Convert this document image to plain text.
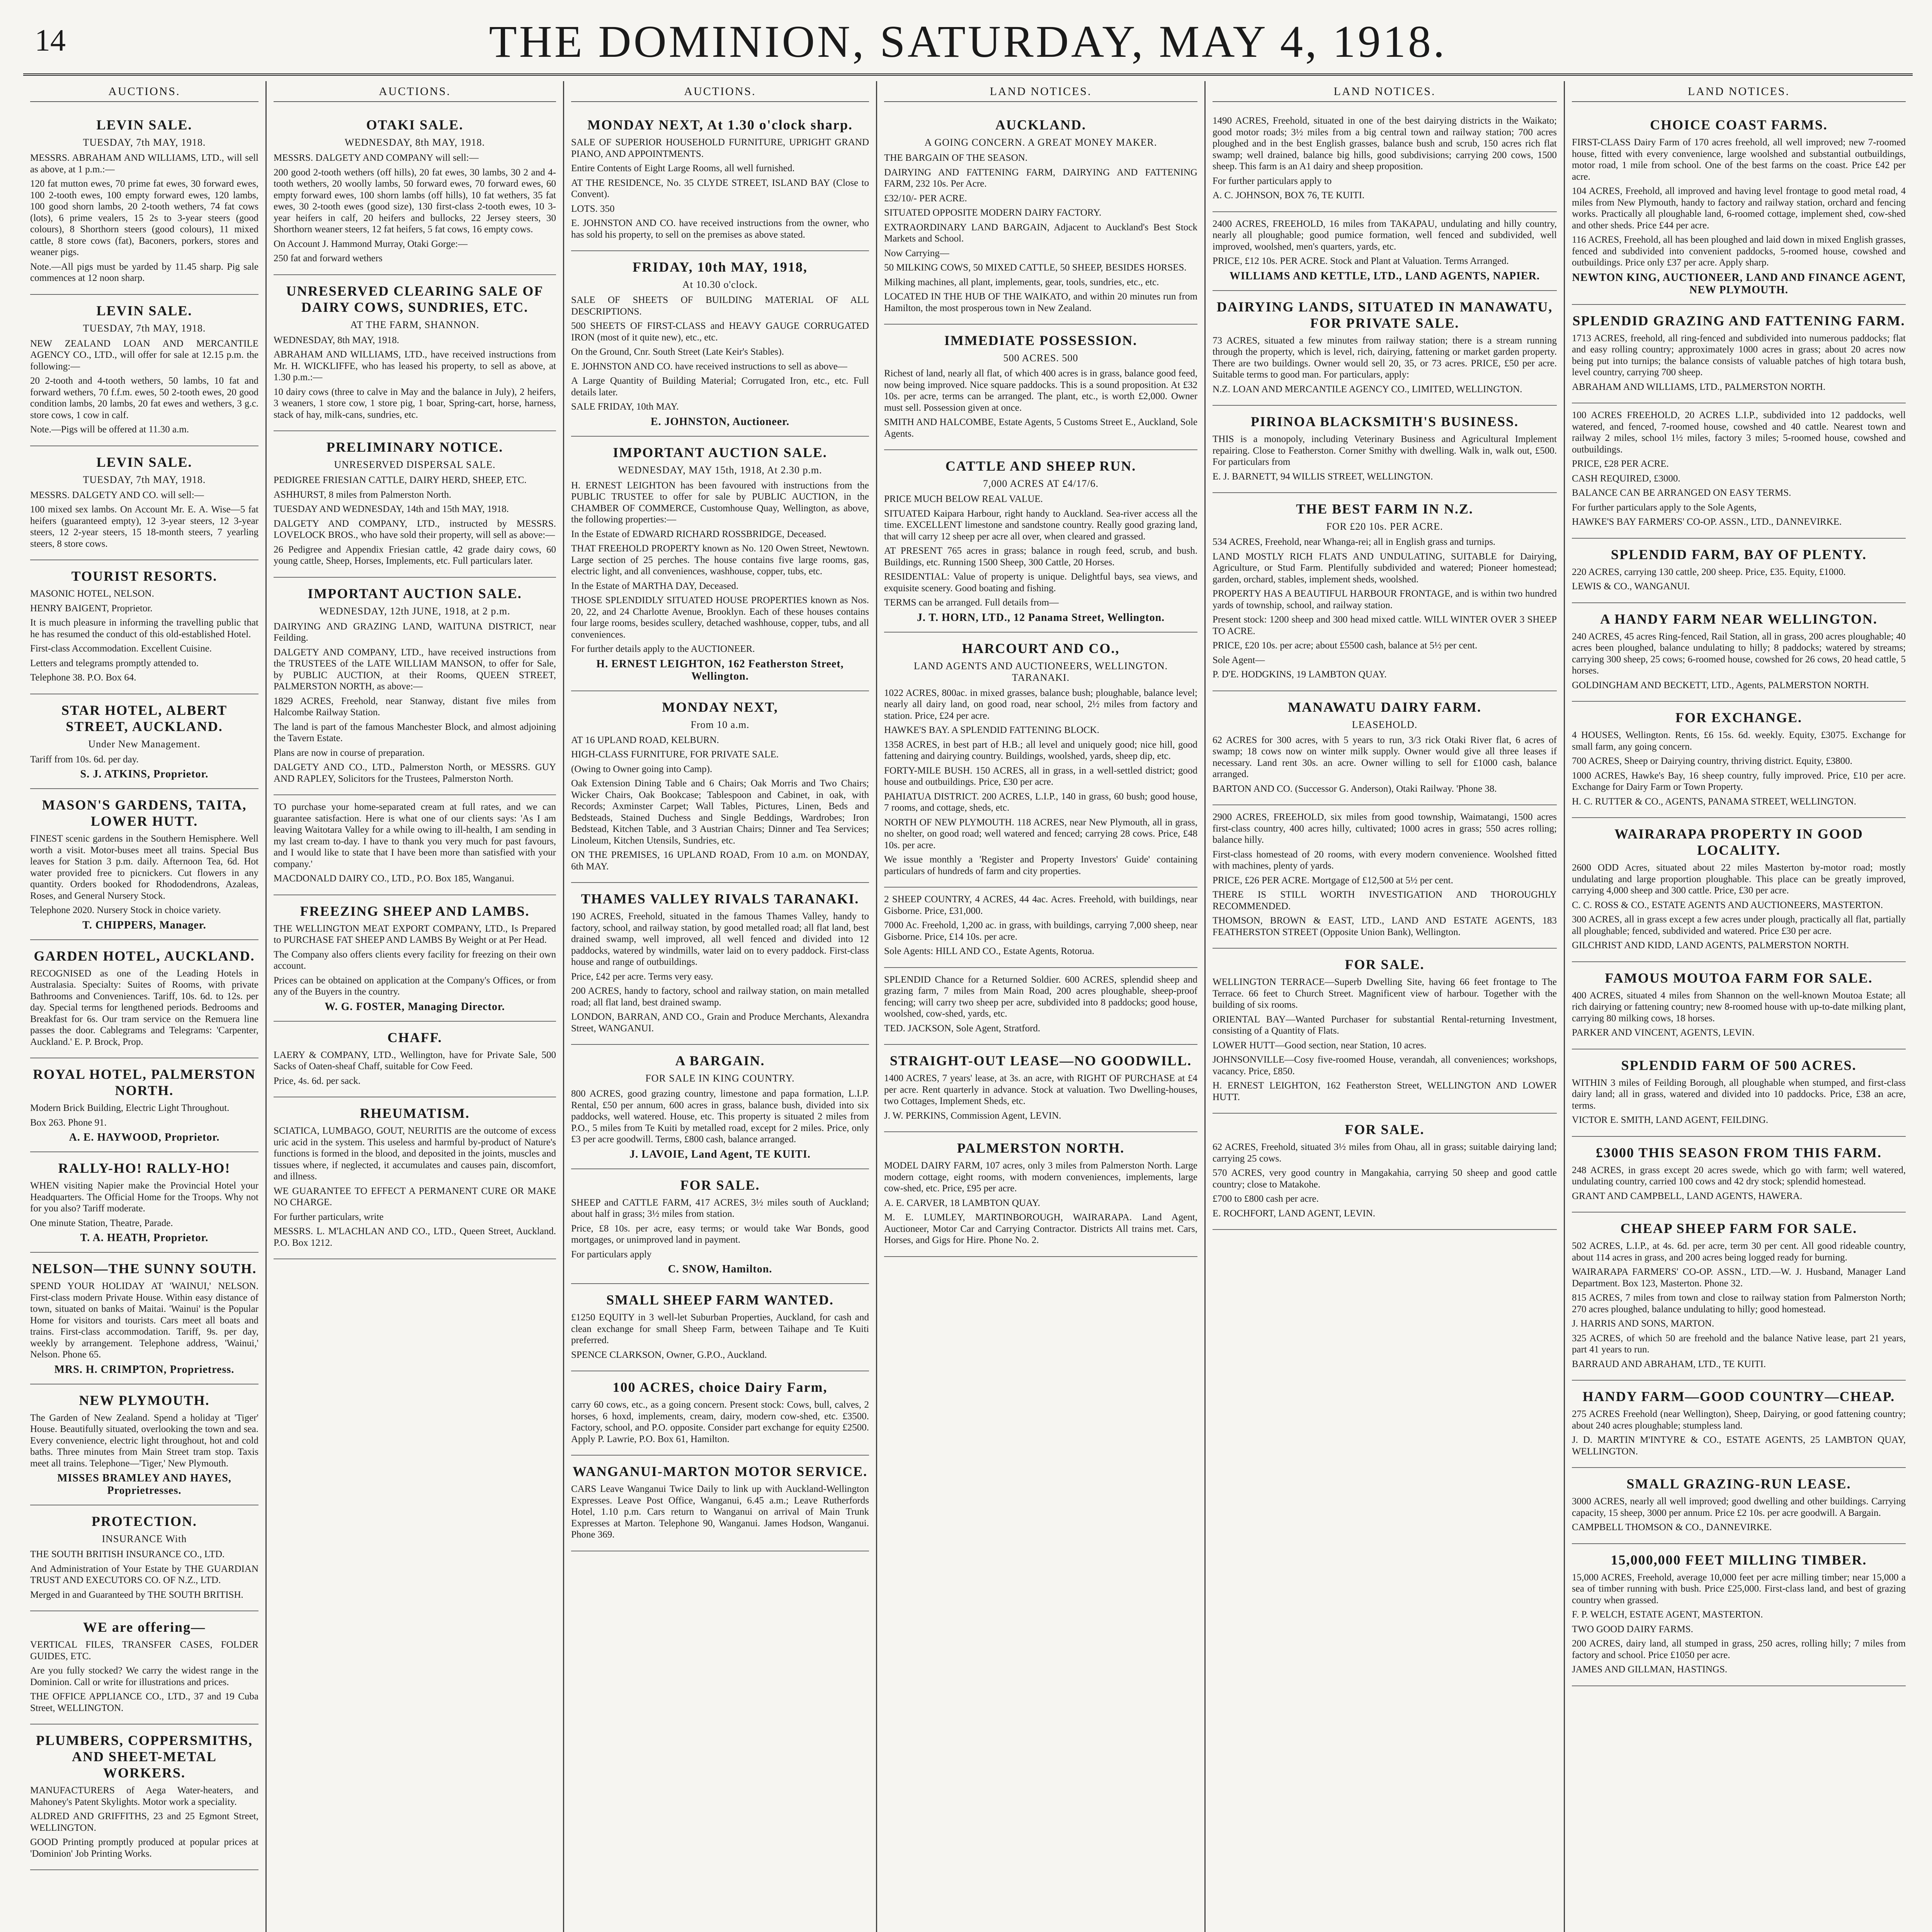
14	THE DOMINION, SATURDAY, MAY 4, 1918.
AUCTIONS.
LEVIN SALE.
TUESDAY, 7th MAY, 1918.

MESSRS. ABRAHAM AND WILLIAMS, LTD., will sell as above, at 1 p.m.:—

120 fat mutton ewes, 70 prime fat ewes, 30 forward ewes, 100 2-tooth ewes, 100 empty forward ewes, 120 lambs, 100 good shorn lambs, 20 2-tooth wethers, 74 fat cows (lots), 6 prime vealers, 15 2s to 3-year steers (good colours), 8 Shorthorn steers (good colours), 11 mixed cattle, 8 store cows (fat), Baconers, porkers, stores and weaner pigs.

Note.—All pigs must be yarded by 11.45 sharp. Pig sale commences at 12 noon sharp.

LEVIN SALE.
TUESDAY, 7th MAY, 1918.

NEW ZEALAND LOAN AND MERCANTILE AGENCY CO., LTD., will offer for sale at 12.15 p.m. the following:—

20 2-tooth and 4-tooth wethers, 50 lambs, 10 fat and forward wethers, 70 f.f.m. ewes, 50 2-tooth ewes, 20 good condition lambs, 20 lambs, 20 fat ewes and wethers, 3 g.c. store cows, 1 cow in calf.

Note.—Pigs will be offered at 11.30 a.m.

LEVIN SALE.
TUESDAY, 7th MAY, 1918.

MESSRS. DALGETY AND CO. will sell:—

100 mixed sex lambs. On Account Mr. E. A. Wise—5 fat heifers (guaranteed empty), 12 3-year steers, 12 3-year steers, 12 2-year steers, 15 18-month steers, 7 yearling steers, 8 store cows.

TOURIST RESORTS.

MASONIC HOTEL, NELSON.

HENRY BAIGENT, Proprietor.

It is much pleasure in informing the travelling public that he has resumed the conduct of this old-established Hotel.

First-class Accommodation. Excellent Cuisine.

Letters and telegrams promptly attended to.

Telephone 38. P.O. Box 64.

STAR HOTEL, ALBERT STREET, AUCKLAND.
Under New Management.

Tariff from 10s. 6d. per day.

S. J. ATKINS, Proprietor.
MASON'S GARDENS, TAITA, LOWER HUTT.

FINEST scenic gardens in the Southern Hemisphere. Well worth a visit. Motor-buses meet all trains. Special Bus leaves for Station 3 p.m. daily. Afternoon Tea, 6d. Hot water provided free to picnickers. Cut flowers in any quantity. Orders booked for Rhododendrons, Azaleas, Roses, and General Nursery Stock.

Telephone 2020. Nursery Stock in choice variety.

T. CHIPPERS, Manager.
GARDEN HOTEL, AUCKLAND.

RECOGNISED as one of the Leading Hotels in Australasia. Specialty: Suites of Rooms, with private Bathrooms and Conveniences. Tariff, 10s. 6d. to 12s. per day. Special terms for lengthened periods. Bedrooms and Breakfast for 6s. Our tram service on the Remuera line passes the door. Cablegrams and Telegrams: 'Carpenter, Auckland.' E. P. Brock, Prop.

ROYAL HOTEL, PALMERSTON NORTH.

Modern Brick Building, Electric Light Throughout.

Box 263. Phone 91.

A. E. HAYWOOD, Proprietor.
RALLY-HO! RALLY-HO!

WHEN visiting Napier make the Provincial Hotel your Headquarters. The Official Home for the Troops. Why not for you also? Tariff moderate.

One minute Station, Theatre, Parade.

T. A. HEATH, Proprietor.
NELSON—THE SUNNY SOUTH.

SPEND YOUR HOLIDAY AT 'WAINUI,' NELSON. First-class modern Private House. Within easy distance of town, situated on banks of Maitai. 'Wainui' is the Popular Home for visitors and tourists. Cars meet all boats and trains. First-class accommodation. Tariff, 9s. per day, weekly by arrangement. Telephone address, 'Wainui,' Nelson. Phone 65.

MRS. H. CRIMPTON, Proprietress.
NEW PLYMOUTH.

The Garden of New Zealand. Spend a holiday at 'Tiger' House. Beautifully situated, overlooking the town and sea. Every convenience, electric light throughout, hot and cold baths. Three minutes from Main Street tram stop. Taxis meet all trains. Telephone—'Tiger,' New Plymouth.

MISSES BRAMLEY AND HAYES, Proprietresses.
PROTECTION.
INSURANCE With

THE SOUTH BRITISH INSURANCE CO., LTD.

And Administration of Your Estate by THE GUARDIAN TRUST AND EXECUTORS CO. OF N.Z., LTD.

Merged in and Guaranteed by THE SOUTH BRITISH.

WE are offering—

VERTICAL FILES, TRANSFER CASES, FOLDER GUIDES, ETC.

Are you fully stocked? We carry the widest range in the Dominion. Call or write for illustrations and prices.

THE OFFICE APPLIANCE CO., LTD., 37 and 19 Cuba Street, WELLINGTON.

PLUMBERS, COPPERSMITHS, AND SHEET-METAL WORKERS.

MANUFACTURERS of Aega Water-heaters, and Mahoney's Patent Skylights. Motor work a speciality.

ALDRED AND GRIFFITHS, 23 and 25 Egmont Street, WELLINGTON.

GOOD Printing promptly produced at popular prices at 'Dominion' Job Printing Works.

AUCTIONS.
OTAKI SALE.
WEDNESDAY, 8th MAY, 1918.

MESSRS. DALGETY AND COMPANY will sell:—

200 good 2-tooth wethers (off hills), 20 fat ewes, 30 lambs, 30 2 and 4-tooth wethers, 20 woolly lambs, 50 forward ewes, 70 forward ewes, 60 empty forward ewes, 100 shorn lambs (off hills), 10 fat wethers, 35 fat ewes, 30 2-tooth ewes (good size), 130 first-class 2-tooth ewes, 10 3-year heifers in calf, 20 heifers and bullocks, 22 Jersey steers, 30 Shorthorn weaner steers, 12 fat heifers, 5 fat cows, 16 empty cows.

On Account J. Hammond Murray, Otaki Gorge:—

250 fat and forward wethers

UNRESERVED CLEARING SALE OF DAIRY COWS, SUNDRIES, ETC.
AT THE FARM, SHANNON.

WEDNESDAY, 8th MAY, 1918.

ABRAHAM AND WILLIAMS, LTD., have received instructions from Mr. H. WICKLIFFE, who has leased his property, to sell as above, at 1.30 p.m.:—

10 dairy cows (three to calve in May and the balance in July), 2 heifers, 3 weaners, 1 store cow, 1 store pig, 1 boar, Spring-cart, horse, harness, stack of hay, milk-cans, sundries, etc.

PRELIMINARY NOTICE.
UNRESERVED DISPERSAL SALE.

PEDIGREE FRIESIAN CATTLE, DAIRY HERD, SHEEP, ETC.

ASHHURST, 8 miles from Palmerston North.

TUESDAY AND WEDNESDAY, 14th and 15th MAY, 1918.

DALGETY AND COMPANY, LTD., instructed by MESSRS. LOVELOCK BROS., who have sold their property, will sell as above:—

26 Pedigree and Appendix Friesian cattle, 42 grade dairy cows, 60 young cattle, Sheep, Horses, Implements, etc. Full particulars later.

IMPORTANT AUCTION SALE.
WEDNESDAY, 12th JUNE, 1918, at 2 p.m.

DAIRYING AND GRAZING LAND, WAITUNA DISTRICT, near Feilding.

DALGETY AND COMPANY, LTD., have received instructions from the TRUSTEES of the LATE WILLIAM MANSON, to offer for Sale, by PUBLIC AUCTION, at their Rooms, QUEEN STREET, PALMERSTON NORTH, as above:—

1829 ACRES, Freehold, near Stanway, distant five miles from Halcombe Railway Station.

The land is part of the famous Manchester Block, and almost adjoining the Tavern Estate.

Plans are now in course of preparation.

DALGETY AND CO., LTD., Palmerston North, or MESSRS. GUY AND RAPLEY, Solicitors for the Trustees, Palmerston North.

TO purchase your home-separated cream at full rates, and we can guarantee satisfaction. Here is what one of our clients says: 'As I am leaving Waitotara Valley for a while owing to ill-health, I am sending in my last cream to-day. I have to thank you very much for past favours, and I would like to state that I have been more than satisfied with your company.'

MACDONALD DAIRY CO., LTD., P.O. Box 185, Wanganui.

FREEZING SHEEP AND LAMBS.

THE WELLINGTON MEAT EXPORT COMPANY, LTD., Is Prepared to PURCHASE FAT SHEEP AND LAMBS By Weight or at Per Head.

The Company also offers clients every facility for freezing on their own account.

Prices can be obtained on application at the Company's Offices, or from any of the Buyers in the country.

W. G. FOSTER, Managing Director.
CHAFF.

LAERY & COMPANY, LTD., Wellington, have for Private Sale, 500 Sacks of Oaten-sheaf Chaff, suitable for Cow Feed.

Price, 4s. 6d. per sack.

RHEUMATISM.

SCIATICA, LUMBAGO, GOUT, NEURITIS are the outcome of excess uric acid in the system. This useless and harmful by-product of Nature's functions is formed in the blood, and deposited in the joints, muscles and tissues where, if neglected, it accumulates and causes pain, discomfort, and illness.

WE GUARANTEE TO EFFECT A PERMANENT CURE OR MAKE NO CHARGE.

For further particulars, write

MESSRS. L. M'LACHLAN AND CO., LTD., Queen Street, Auckland. P.O. Box 1212.

AUCTIONS.
MONDAY NEXT, At 1.30 o'clock sharp.

SALE OF SUPERIOR HOUSEHOLD FURNITURE, UPRIGHT GRAND PIANO, AND APPOINTMENTS.

Entire Contents of Eight Large Rooms, all well furnished.

AT THE RESIDENCE, No. 35 CLYDE STREET, ISLAND BAY (Close to Convent).

LOTS. 350

E. JOHNSTON AND CO. have received instructions from the owner, who has sold his property, to sell on the premises as above stated.

FRIDAY, 10th MAY, 1918,
At 10.30 o'clock.

SALE OF SHEETS OF BUILDING MATERIAL OF ALL DESCRIPTIONS.

500 SHEETS OF FIRST-CLASS and HEAVY GAUGE CORRUGATED IRON (most of it quite new), etc., etc.

On the Ground, Cnr. South Street (Late Keir's Stables).

E. JOHNSTON AND CO. have received instructions to sell as above—

A Large Quantity of Building Material; Corrugated Iron, etc., etc. Full details later.

SALE FRIDAY, 10th MAY.

E. JOHNSTON, Auctioneer.
IMPORTANT AUCTION SALE.
WEDNESDAY, MAY 15th, 1918, At 2.30 p.m.

H. ERNEST LEIGHTON has been favoured with instructions from the PUBLIC TRUSTEE to offer for sale by PUBLIC AUCTION, in the CHAMBER OF COMMERCE, Customhouse Quay, Wellington, as above, the following properties:—

In the Estate of EDWARD RICHARD ROSSBRIDGE, Deceased.

THAT FREEHOLD PROPERTY known as No. 120 Owen Street, Newtown. Large section of 25 perches. The house contains five large rooms, gas, electric light, and all conveniences, washhouse, copper, tubs, etc.

In the Estate of MARTHA DAY, Deceased.

THOSE SPLENDIDLY SITUATED HOUSE PROPERTIES known as Nos. 20, 22, and 24 Charlotte Avenue, Brooklyn. Each of these houses contains four large rooms, besides scullery, detached washhouse, copper, tubs, and all conveniences.

For further details apply to the AUCTIONEER.

H. ERNEST LEIGHTON, 162 Featherston Street, Wellington.
MONDAY NEXT,
From 10 a.m.

AT 16 UPLAND ROAD, KELBURN.

HIGH-CLASS FURNITURE, FOR PRIVATE SALE.

(Owing to Owner going into Camp).

Oak Extension Dining Table and 6 Chairs; Oak Morris and Two Chairs; Wicker Chairs, Oak Bookcase; Tablespoon and Cabinet, in oak, with Records; Axminster Carpet; Wall Tables, Pictures, Linen, Beds and Bedsteads, Stained Duchess and Single Beddings, Wardrobes; Iron Bedstead, Kitchen Table, and 3 Austrian Chairs; Dinner and Tea Services; Linoleum, Kitchen Utensils, Sundries, etc.

ON THE PREMISES, 16 UPLAND ROAD, From 10 a.m. on MONDAY, 6th MAY.

THAMES VALLEY RIVALS TARANAKI.

190 ACRES, Freehold, situated in the famous Thames Valley, handy to factory, school, and railway station, by good metalled road; all flat land, best drained swamp, well improved, all well fenced and divided into 12 paddocks, watered by windmills, water laid on to every paddock. First-class house and range of outbuildings.

Price, £42 per acre. Terms very easy.

200 ACRES, handy to factory, school and railway station, on main metalled road; all flat land, best drained swamp.

LONDON, BARRAN, AND CO., Grain and Produce Merchants, Alexandra Street, WANGANUI.

A BARGAIN.
FOR SALE IN KING COUNTRY.

800 ACRES, good grazing country, limestone and papa formation, L.I.P. Rental, £50 per annum, 600 acres in grass, balance bush, divided into six paddocks, well watered. House, etc. This property is situated 2 miles from P.O., 5 miles from Te Kuiti by metalled road, except for 2 miles. Price, only £3 per acre goodwill. Terms, £800 cash, balance arranged.

J. LAVOIE, Land Agent, TE KUITI.
FOR SALE.

SHEEP and CATTLE FARM, 417 ACRES, 3½ miles south of Auckland; about half in grass; 3½ miles from station.

Price, £8 10s. per acre, easy terms; or would take War Bonds, good mortgages, or unimproved land in payment.

For particulars apply

C. SNOW, Hamilton.
SMALL SHEEP FARM WANTED.

£1250 EQUITY in 3 well-let Suburban Properties, Auckland, for cash and clean exchange for small Sheep Farm, between Taihape and Te Kuiti preferred.

SPENCE CLARKSON, Owner, G.P.O., Auckland.

100 ACRES, choice Dairy Farm,

carry 60 cows, etc., as a going concern. Present stock: Cows, bull, calves, 2 horses, 6 hoxd, implements, cream, dairy, modern cow-shed, etc. £3500. Factory, school, and P.O. opposite. Consider part exchange for equity £2500. Apply P. Lawrie, P.O. Box 61, Hamilton.

WANGANUI-MARTON MOTOR SERVICE.

CARS Leave Wanganui Twice Daily to link up with Auckland-Wellington Expresses. Leave Post Office, Wanganui, 6.45 a.m.; Leave Rutherfords Hotel, 1.10 p.m. Cars return to Wanganui on arrival of Main Trunk Expresses at Marton. Telephone 90, Wanganui. James Hodson, Wanganui. Phone 369.

LAND NOTICES.
AUCKLAND.
A GOING CONCERN. A GREAT MONEY MAKER.

THE BARGAIN OF THE SEASON.

DAIRYING AND FATTENING FARM, DAIRYING AND FATTENING FARM, 232 10s. Per Acre.

£32/10/- PER ACRE.

SITUATED OPPOSITE MODERN DAIRY FACTORY.

EXTRAORDINARY LAND BARGAIN, Adjacent to Auckland's Best Stock Markets and School.

Now Carrying—

50 MILKING COWS, 50 MIXED CATTLE, 50 SHEEP, BESIDES HORSES.

Milking machines, all plant, implements, gear, tools, sundries, etc., etc.

LOCATED IN THE HUB OF THE WAIKATO, and within 20 minutes run from Hamilton, the most prosperous town in New Zealand.

IMMEDIATE POSSESSION.
500 ACRES. 500

Richest of land, nearly all flat, of which 400 acres is in grass, balance good feed, now being improved. Nice square paddocks. This is a sound proposition. At £32 10s. per acre, terms can be arranged. The plant, etc., is worth £2,000. Owner must sell. Possession given at once.

SMITH AND HALCOMBE, Estate Agents, 5 Customs Street E., Auckland, Sole Agents.

CATTLE AND SHEEP RUN.
7,000 ACRES AT £4/17/6.

PRICE MUCH BELOW REAL VALUE.

SITUATED Kaipara Harbour, right handy to Auckland. Sea-river access all the time. EXCELLENT limestone and sandstone country. Really good grazing land, that will carry 12 sheep per acre all over, when cleared and grassed.

AT PRESENT 765 acres in grass; balance in rough feed, scrub, and bush. Buildings, etc. Running 1500 Sheep, 300 Cattle, 20 Horses.

RESIDENTIAL: Value of property is unique. Delightful bays, sea views, and exquisite scenery. Good boating and fishing.

TERMS can be arranged. Full details from—

J. T. HORN, LTD., 12 Panama Street, Wellington.
HARCOURT AND CO.,
LAND AGENTS AND AUCTIONEERS, WELLINGTON. TARANAKI.

1022 ACRES, 800ac. in mixed grasses, balance bush; ploughable, balance level; nearly all dairy land, on good road, near school, 2½ miles from factory and station. Price, £24 per acre.

HAWKE'S BAY. A SPLENDID FATTENING BLOCK.

1358 ACRES, in best part of H.B.; all level and uniquely good; nice hill, good fattening and dairying country. Buildings, woolshed, yards, sheep dip, etc.

FORTY-MILE BUSH. 150 ACRES, all in grass, in a well-settled district; good house and outbuildings. Price, £30 per acre.

PAHIATUA DISTRICT. 200 ACRES, L.I.P., 140 in grass, 60 bush; good house, 7 rooms, and cottage, sheds, etc.

NORTH OF NEW PLYMOUTH. 118 ACRES, near New Plymouth, all in grass, no shelter, on good road; well watered and fenced; carrying 28 cows. Price, £48 10s. per acre.

We issue monthly a 'Register and Property Investors' Guide' containing particulars of hundreds of farm and city properties.

2 SHEEP COUNTRY, 4 ACRES, 44 4ac. Acres. Freehold, with buildings, near Gisborne. Price, £31,000.

7000 Ac. Freehold, 1,200 ac. in grass, with buildings, carrying 7,000 sheep, near Gisborne. Price, £14 10s. per acre.

Sole Agents: HILL AND CO., Estate Agents, Rotorua.

SPLENDID Chance for a Returned Soldier. 600 ACRES, splendid sheep and grazing farm, 7 miles from Main Road, 200 acres ploughable, sheep-proof fencing; will carry two sheep per acre, subdivided into 8 paddocks; good house, woolshed, cow-shed, yards, etc.

TED. JACKSON, Sole Agent, Stratford.

STRAIGHT-OUT LEASE—NO GOODWILL.

1400 ACRES, 7 years' lease, at 3s. an acre, with RIGHT OF PURCHASE at £4 per acre. Rent quarterly in advance. Stock at valuation. Two Dwelling-houses, two Cottages, Implement Sheds, etc.

J. W. PERKINS, Commission Agent, LEVIN.

PALMERSTON NORTH.

MODEL DAIRY FARM, 107 acres, only 3 miles from Palmerston North. Large modern cottage, eight rooms, with modern conveniences, implements, large cow-shed, etc. Price, £95 per acre.

A. E. CARVER, 18 LAMBTON QUAY.

M. E. LUMLEY, MARTINBOROUGH, WAIRARAPA. Land Agent, Auctioneer, Motor Car and Carrying Contractor. Districts All trains met. Cars, Horses, and Gigs for Hire. Phone No. 2.

LAND NOTICES.

1490 ACRES, Freehold, situated in one of the best dairying districts in the Waikato; good motor roads; 3½ miles from a big central town and railway station; 700 acres ploughed and in the best English grasses, balance bush and scrub, 150 acres rich flat swamp; well drained, balance big hills, good subdivisions; carrying 200 cows, 1500 sheep. This farm is an A1 dairy and sheep proposition.

For further particulars apply to

A. C. JOHNSON, BOX 76, TE KUITI.

2400 ACRES, FREEHOLD, 16 miles from TAKAPAU, undulating and hilly country, nearly all ploughable; good pumice formation, well fenced and subdivided, well improved, woolshed, men's quarters, yards, etc.

PRICE, £12 10s. PER ACRE. Stock and Plant at Valuation. Terms Arranged.

WILLIAMS AND KETTLE, LTD., LAND AGENTS, NAPIER.
DAIRYING LANDS, SITUATED IN MANAWATU, FOR PRIVATE SALE.

73 ACRES, situated a few minutes from railway station; there is a stream running through the property, which is level, rich, dairying, fattening or market garden property. There are two buildings. Owner would sell 20, 35, or 73 acres. PRICE, £50 per acre. Suitable terms to good man. For particulars, apply:

N.Z. LOAN AND MERCANTILE AGENCY CO., LIMITED, WELLINGTON.

PIRINOA BLACKSMITH'S BUSINESS.

THIS is a monopoly, including Veterinary Business and Agricultural Implement repairing. Close to Featherston. Corner Smithy with dwelling. Walk in, walk out, £500. For particulars from

E. J. BARNETT, 94 WILLIS STREET, WELLINGTON.

THE BEST FARM IN N.Z.
FOR £20 10s. PER ACRE.

534 ACRES, Freehold, near Whanga-rei; all in English grass and turnips.

LAND MOSTLY RICH FLATS AND UNDULATING, SUITABLE for Dairying, Agriculture, or Stud Farm. Plentifully subdivided and watered; Pioneer homestead; garden, orchard, stables, implement sheds, woolshed.

PROPERTY HAS A BEAUTIFUL HARBOUR FRONTAGE, and is within two hundred yards of township, school, and railway station.

Present stock: 1200 sheep and 300 head mixed cattle. WILL WINTER OVER 3 SHEEP TO ACRE.

PRICE, £20 10s. per acre; about £5500 cash, balance at 5½ per cent.

Sole Agent—

P. D'E. HODGKINS, 19 LAMBTON QUAY.

MANAWATU DAIRY FARM.
LEASEHOLD.

62 ACRES for 300 acres, with 5 years to run, 3/3 rick Otaki River flat, 6 acres of swamp; 18 cows now on winter milk supply. Owner would give all three leases if necessary. Land rent 30s. an acre. Owner willing to sell for £1000 cash, balance arranged.

BARTON AND CO. (Successor G. Anderson), Otaki Railway. 'Phone 38.

2900 ACRES, FREEHOLD, six miles from good township, Waimatangi, 1500 acres first-class country, 400 acres hilly, cultivated; 1000 acres in grass; 550 acres rolling; balance hilly.

First-class homestead of 20 rooms, with every modern convenience. Woolshed fitted with machines, plenty of yards.

PRICE, £26 PER ACRE. Mortgage of £12,500 at 5½ per cent.

THERE IS STILL WORTH INVESTIGATION AND THOROUGHLY RECOMMENDED.

THOMSON, BROWN & EAST, LTD., LAND AND ESTATE AGENTS, 183 FEATHERSTON STREET (Opposite Union Bank), Wellington.

FOR SALE.

WELLINGTON TERRACE—Superb Dwelling Site, having 66 feet frontage to The Terrace. 66 feet to Church Street. Magnificent view of harbour. Together with the building of six rooms.

ORIENTAL BAY—Wanted Purchaser for substantial Rental-returning Investment, consisting of a Quantity of Flats.

LOWER HUTT—Good section, near Station, 10 acres.

JOHNSONVILLE—Cosy five-roomed House, verandah, all conveniences; workshops, vacancy. Price, £850.

H. ERNEST LEIGHTON, 162 Featherston Street, WELLINGTON AND LOWER HUTT.

FOR SALE.

62 ACRES, Freehold, situated 3½ miles from Ohau, all in grass; suitable dairying land; carrying 25 cows.

570 ACRES, very good country in Mangakahia, carrying 50 sheep and good cattle country; close to Matakohe.

£700 to £800 cash per acre.

E. ROCHFORT, LAND AGENT, LEVIN.

LAND NOTICES.
CHOICE COAST FARMS.

FIRST-CLASS Dairy Farm of 170 acres freehold, all well improved; new 7-roomed house, fitted with every convenience, large woolshed and substantial outbuildings, motor road, 1 mile from school. One of the best farms on the coast. Price £42 per acre.

104 ACRES, Freehold, all improved and having level frontage to good metal road, 4 miles from New Plymouth, handy to factory and railway station, orchard and fencing works. Practically all ploughable land, 6-roomed cottage, implement shed, cow-shed and other sheds. Price £44 per acre.

116 ACRES, Freehold, all has been ploughed and laid down in mixed English grasses, fenced and subdivided into convenient paddocks, 5-roomed house, cowshed and outbuildings. Price only £37 per acre. Apply sharp.

NEWTON KING, AUCTIONEER, LAND AND FINANCE AGENT, NEW PLYMOUTH.
SPLENDID GRAZING AND FATTENING FARM.

1713 ACRES, freehold, all ring-fenced and subdivided into numerous paddocks; flat and easy rolling country; approximately 1000 acres in grass; about 20 acres now being put into turnips; the balance consists of valuable patches of high totara bush, level country, carrying 700 sheep.

ABRAHAM AND WILLIAMS, LTD., PALMERSTON NORTH.

100 ACRES FREEHOLD, 20 ACRES L.I.P., subdivided into 12 paddocks, well watered, and fenced, 7-roomed house, cowshed and 40 cattle. Nearest town and railway 2 miles, school 1½ miles, factory 3 miles; 5-roomed house, cowshed and outbuildings.

PRICE, £28 PER ACRE.

CASH REQUIRED, £3000.

BALANCE CAN BE ARRANGED ON EASY TERMS.

For further particulars apply to the Sole Agents,

HAWKE'S BAY FARMERS' CO-OP. ASSN., LTD., DANNEVIRKE.

SPLENDID FARM, BAY OF PLENTY.

220 ACRES, carrying 130 cattle, 200 sheep. Price, £35. Equity, £1000.

LEWIS & CO., WANGANUI.

A HANDY FARM NEAR WELLINGTON.

240 ACRES, 45 acres Ring-fenced, Rail Station, all in grass, 200 acres ploughable; 40 acres been ploughed, balance undulating to hilly; 8 paddocks; watered by streams; carrying 300 sheep, 25 cows; 6-roomed house, cowshed for 26 cows, 20 head cattle, 5 horses.

GOLDINGHAM AND BECKETT, LTD., Agents, PALMERSTON NORTH.

FOR EXCHANGE.

4 HOUSES, Wellington. Rents, £6 15s. 6d. weekly. Equity, £3075. Exchange for small farm, any going concern.

700 ACRES, Sheep or Dairying country, thriving district. Equity, £3800.

1000 ACRES, Hawke's Bay, 16 sheep country, fully improved. Price, £10 per acre. Exchange for Dairy Farm or Town Property.

H. C. RUTTER & CO., AGENTS, PANAMA STREET, WELLINGTON.

WAIRARAPA PROPERTY IN GOOD LOCALITY.

2600 ODD Acres, situated about 22 miles Masterton by-motor road; mostly undulating and large proportion ploughable. This place can be greatly improved, carrying 4,000 sheep and 300 cattle. Price, £30 per acre.

C. C. ROSS & CO., ESTATE AGENTS AND AUCTIONEERS, MASTERTON.

300 ACRES, all in grass except a few acres under plough, practically all flat, partially all ploughable; fenced, subdivided and watered. Price £30 per acre.

GILCHRIST AND KIDD, LAND AGENTS, PALMERSTON NORTH.

FAMOUS MOUTOA FARM FOR SALE.

400 ACRES, situated 4 miles from Shannon on the well-known Moutoa Estate; all rich dairying or fattening country; new 8-roomed house with up-to-date milking plant, carrying 80 milking cows, 18 horses.

PARKER AND VINCENT, AGENTS, LEVIN.

SPLENDID FARM OF 500 ACRES.

WITHIN 3 miles of Feilding Borough, all ploughable when stumped, and first-class dairy land; all in grass, watered and divided into 10 paddocks. Price, £38 an acre, terms.

VICTOR E. SMITH, LAND AGENT, FEILDING.

£3000 THIS SEASON FROM THIS FARM.

248 ACRES, in grass except 20 acres swede, which go with farm; well watered, undulating country, carried 100 cows and 42 dry stock; splendid homestead.

GRANT AND CAMPBELL, LAND AGENTS, HAWERA.

CHEAP SHEEP FARM FOR SALE.

502 ACRES, L.I.P., at 4s. 6d. per acre, term 30 per cent. All good rideable country, about 114 acres in grass, and 200 acres being logged ready for burning.

WAIRARAPA FARMERS' CO-OP. ASSN., LTD.—W. J. Husband, Manager Land Department. Box 123, Masterton. Phone 32.

815 ACRES, 7 miles from town and close to railway station from Palmerston North; 270 acres ploughed, balance undulating to hilly; good homestead.

J. HARRIS AND SONS, MARTON.

325 ACRES, of which 50 are freehold and the balance Native lease, part 21 years, part 41 years to run.

BARRAUD AND ABRAHAM, LTD., TE KUITI.

HANDY FARM—GOOD COUNTRY—CHEAP.

275 ACRES Freehold (near Wellington), Sheep, Dairying, or good fattening country; about 240 acres ploughable; stumpless land.

J. D. MARTIN M'INTYRE & CO., ESTATE AGENTS, 25 LAMBTON QUAY, WELLINGTON.

SMALL GRAZING-RUN LEASE.

3000 ACRES, nearly all well improved; good dwelling and other buildings. Carrying capacity, 15 sheep, 3000 per annum. Price £2 10s. per acre goodwill. A Bargain.

CAMPBELL THOMSON & CO., DANNEVIRKE.

15,000,000 FEET MILLING TIMBER.

15,000 ACRES, Freehold, average 10,000 feet per acre milling timber; near 15,000 a sea of timber running with bush. Price £25,000. First-class land, and best of grazing country when grassed.

F. P. WELCH, ESTATE AGENT, MASTERTON.

TWO GOOD DAIRY FARMS.

200 ACRES, dairy land, all stumped in grass, 250 acres, rolling hilly; 7 miles from factory and school. Price £1050 per acre.

JAMES AND GILLMAN, HASTINGS.
